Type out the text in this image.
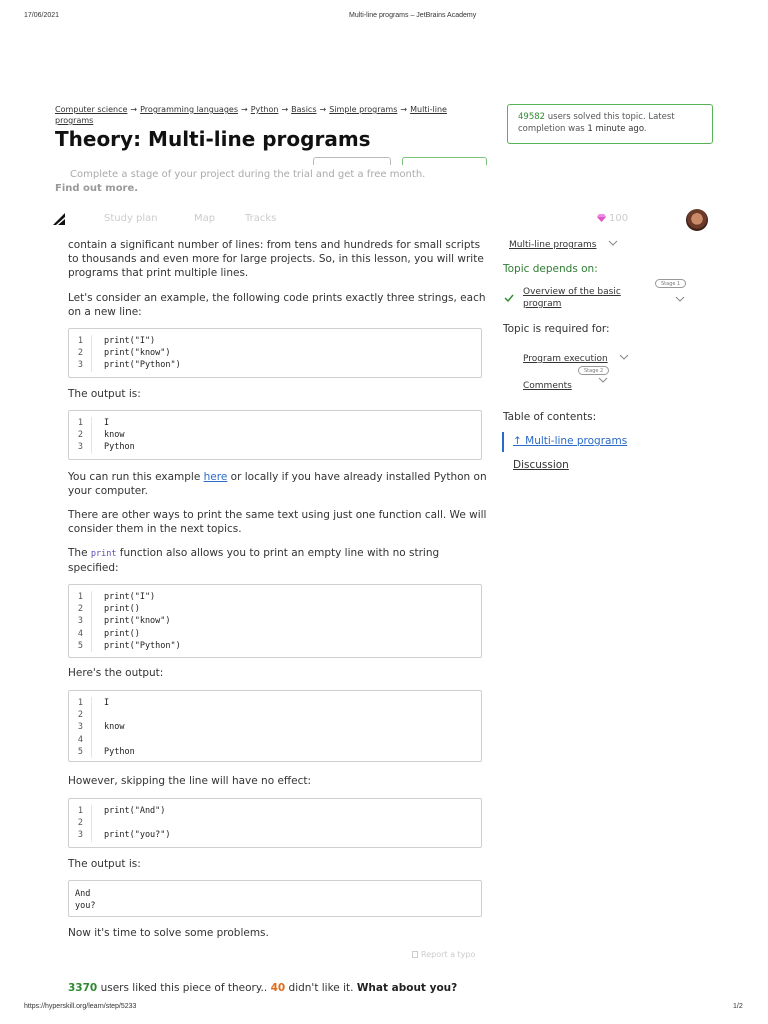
17/06/2021	Multi-line programs – JetBrains Academy
Computer science → Programming languages → Python → Basics → Simple programs → Multi-line programs
Theory: Multi-line programs
49582 users solved this topic. Latest completion was 1 minute ago.
Complete a stage of your project during the trial and get a free month.
Find out more.
Study plan	Map	Tracks	100
contain a significant number of lines: from tens and hundreds for small scripts to thousands and even more for large projects. So, in this lesson, you will write programs that print multiple lines.
Let's consider an example, the following code prints exactly three strings, each on a new line:
1	print("I")
2	print("know")
3	print("Python")
The output is:
1	I
2	know
3	Python
You can run this example here or locally if you have already installed Python on your computer.
There are other ways to print the same text using just one function call. We will consider them in the next topics.
The print function also allows you to print an empty line with no string specified:
1	print("I")
2	print()
3	print("know")
4	print()
5	print("Python")
Here's the output:
1	I
2
3	know
4
5	Python
However, skipping the line will have no effect:
1	print("And")
2
3	print("you?")
The output is:
And
you?
Now it's time to solve some problems.
Report a typo
3370 users liked this piece of theory.. 40 didn't like it. What about you?
Multi-line programs
Topic depends on:
Overview of the basic program
Stage 1
Topic is required for:
Program execution
Comments
Stage 2
Table of contents:
↑ Multi-line programs
Discussion
https://hyperskill.org/learn/step/5233	1/2
